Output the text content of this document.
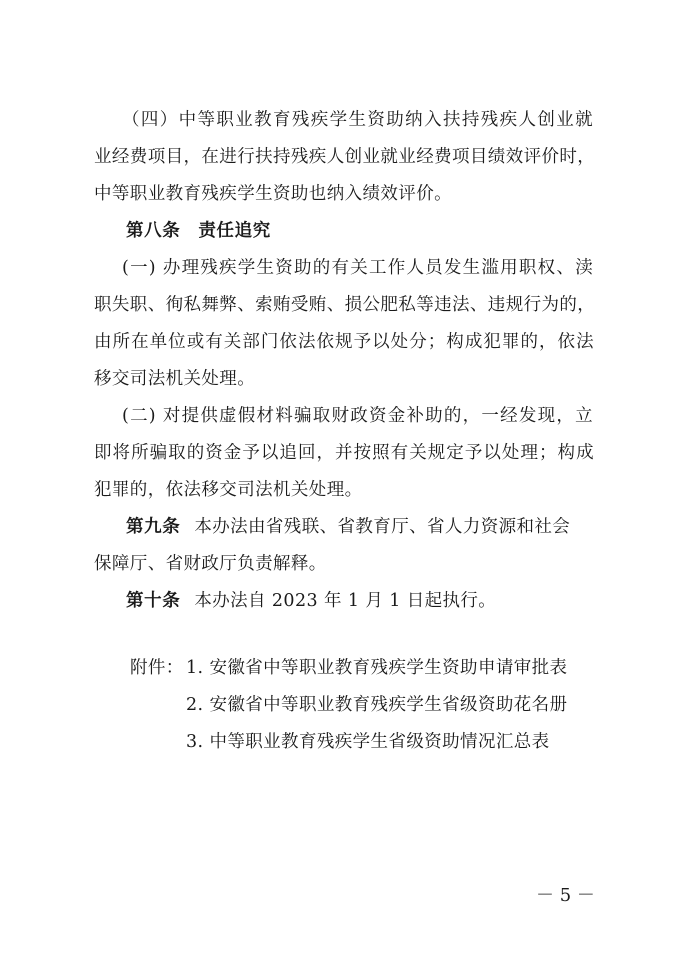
（四）中等职业教育残疾学生资助纳入扶持残疾人创业就
业经费项目，在进行扶持残疾人创业就业经费项目绩效评价时，
中等职业教育残疾学生资助也纳入绩效评价。
第八条　责任追究
(一) 办理残疾学生资助的有关工作人员发生滥用职权、渎
职失职、徇私舞弊、索贿受贿、损公肥私等违法、违规行为的，
由所在单位或有关部门依法依规予以处分；构成犯罪的，依法
移交司法机关处理。
(二) 对提供虚假材料骗取财政资金补助的，一经发现，立
即将所骗取的资金予以追回，并按照有关规定予以处理；构成
犯罪的，依法移交司法机关处理。
第九条 本办法由省残联、省教育厅、省人力资源和社会
保障厅、省财政厅负责解释。
第十条 本办法自 2023 年 1 月 1 日起执行。
附件： 1. 安徽省中等职业教育残疾学生资助申请审批表
2. 安徽省中等职业教育残疾学生省级资助花名册
3. 中等职业教育残疾学生省级资助情况汇总表
－ 5 －
